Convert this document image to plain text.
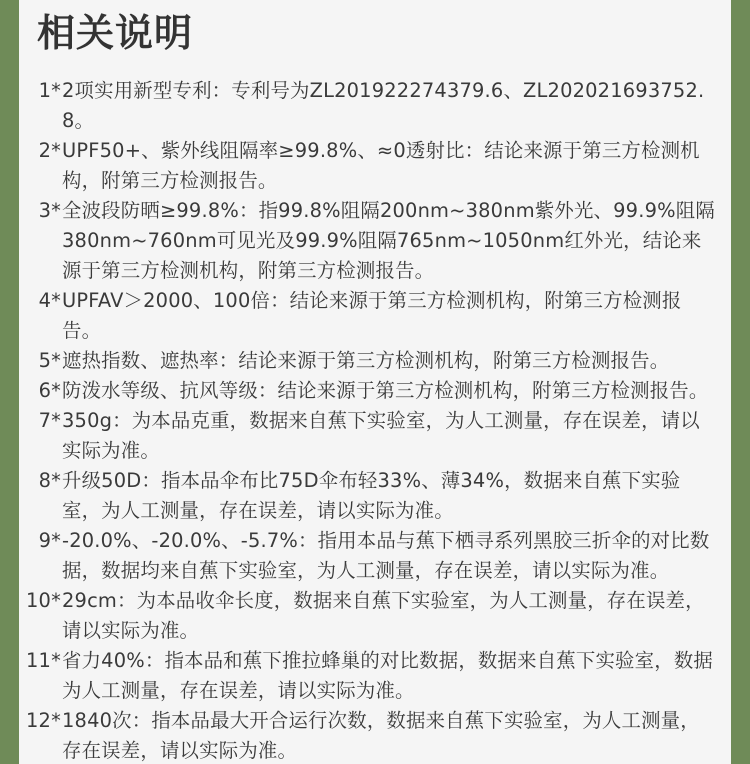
相关说明
1* 2项实用新型专利：专利号为ZL201922274379.6、ZL202021693752.8。
2* UPF50+、紫外线阻隔率≥99.8%、≈0透射比：结论来源于第三方检测机构，附第三方检测报告。
3* 全波段防晒≥99.8%：指99.8%阻隔200nm~380nm紫外光、99.9%阻隔380nm~760nm可见光及99.9%阻隔765nm~1050nm红外光，结论来源于第三方检测机构，附第三方检测报告。
4* UPFAV＞2000、100倍：结论来源于第三方检测机构，附第三方检测报告。
5* 遮热指数、遮热率：结论来源于第三方检测机构，附第三方检测报告。
6* 防泼水等级、抗风等级：结论来源于第三方检测机构，附第三方检测报告。
7* 350g：为本品克重，数据来自蕉下实验室，为人工测量，存在误差，请以实际为准。
8* 升级50D：指本品伞布比75D伞布轻33%、薄34%，数据来自蕉下实验室，为人工测量，存在误差，请以实际为准。
9* -20.0%、-20.0%、-5.7%：指用本品与蕉下栖寻系列黑胶三折伞的对比数据，数据均来自蕉下实验室，为人工测量，存在误差，请以实际为准。
10* 29cm：为本品收伞长度，数据来自蕉下实验室，为人工测量，存在误差，请以实际为准。
11* 省力40%：指本品和蕉下推拉蜂巢的对比数据，数据来自蕉下实验室，数据为人工测量，存在误差，请以实际为准。
12* 1840次：指本品最大开合运行次数，数据来自蕉下实验室，为人工测量，存在误差，请以实际为准。
